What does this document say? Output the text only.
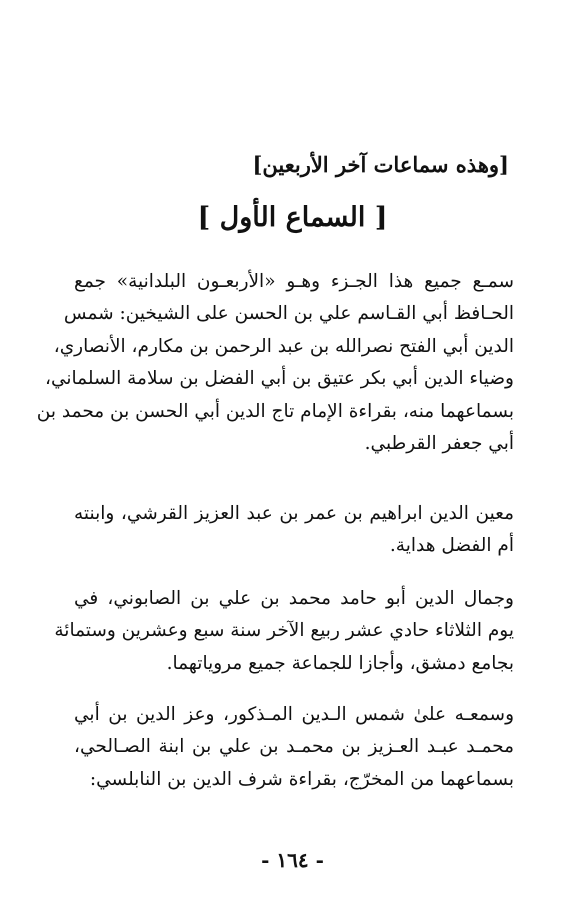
[وهذه سماعات آخر الأربعين]
[ السماع الأول ]
سمـع جميع هذا الجـزء وهـو «الأربعـون البلدانية» جمع
الحـافظ أبي القـاسم علي بن الحسن على الشيخين: شمس
الدين أبي الفتح نصرالله بن عبد الرحمن بن مكارم، الأنصاري،
وضياء الدين أبي بكر عتيق بن أبي الفضل بن سلامة السلماني،
بسماعهما منه، بقراءة الإمام تاج الدين أبي الحسن بن محمد بن
أبي جعفر القرطبي.
معين الدين ابراهيم بن عمر بن عبد العزيز القرشي، وابنته
أم الفضل هداية.
وجمال الدين أبو حامد محمد بن علي بن الصابوني، في
يوم الثلاثاء حادي عشر ربيع الآخر سنة سبع وعشرين وستمائة
بجامع دمشق، وأجازا للجماعة جميع مروياتهما.
وسمعـه علىٰ شمس الـدين المـذكور، وعز الدين بن أبي
محمـد عبـد العـزيز بن محمـد بن علي بن ابنة الصـالحي،
بسماعهما من المخرّج، بقراءة شرف الدين بن النابلسي:
- ١٦٤ -
